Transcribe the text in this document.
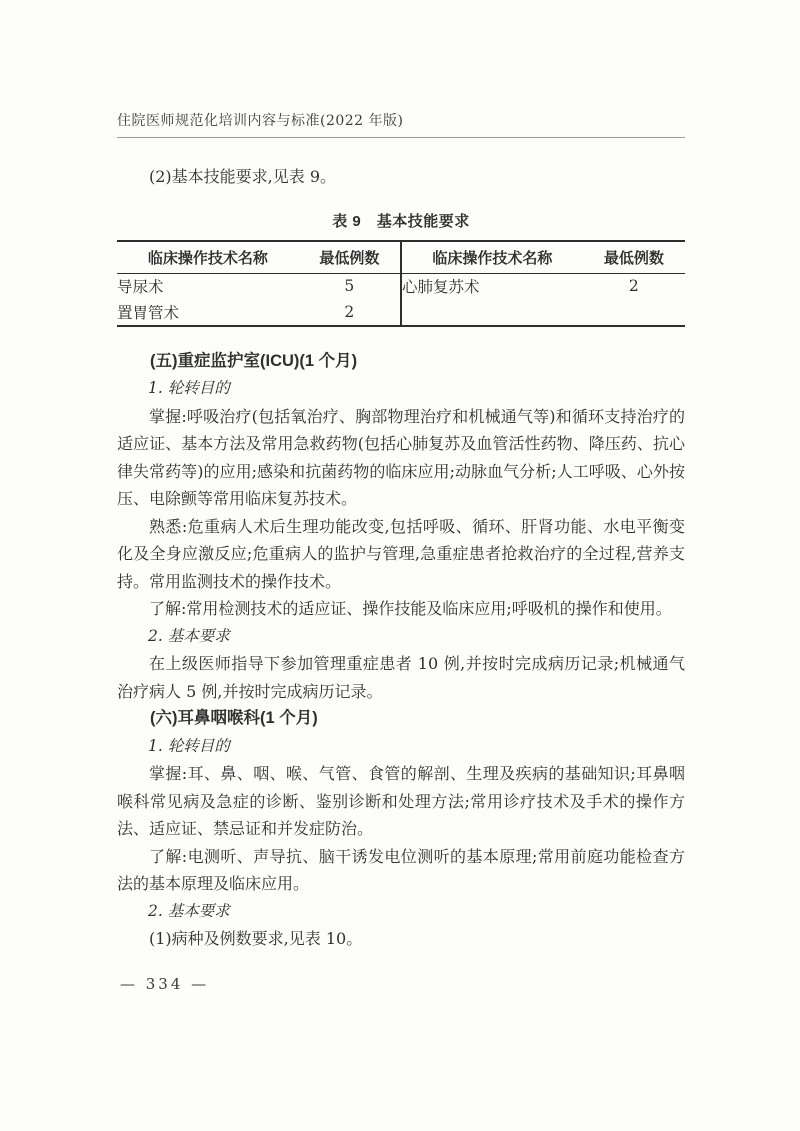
住院医师规范化培训内容与标准(2022 年版)

(2)基本技能要求,见表 9。

表 9　基本技能要求
临床操作技术名称	最低例数	临床操作技术名称	最低例数
导尿术	5	心肺复苏术	2
置胃管术	2		
(五)重症监护室(ICU)(1 个月)

1. 轮转目的

掌握:呼吸治疗(包括氧治疗、胸部物理治疗和机械通气等)和循环支持治疗的适应证、基本方法及常用急救药物(包括心肺复苏及血管活性药物、降压药、抗心律失常药等)的应用;感染和抗菌药物的临床应用;动脉血气分析;人工呼吸、心外按压、电除颤等常用临床复苏技术。

熟悉:危重病人术后生理功能改变,包括呼吸、循环、肝肾功能、水电平衡变化及全身应激反应;危重病人的监护与管理,急重症患者抢救治疗的全过程,营养支持。常用监测技术的操作技术。

了解:常用检测技术的适应证、操作技能及临床应用;呼吸机的操作和使用。

2. 基本要求

在上级医师指导下参加管理重症患者 10 例,并按时完成病历记录;机械通气治疗病人 5 例,并按时完成病历记录。

(六)耳鼻咽喉科(1 个月)

1. 轮转目的

掌握:耳、鼻、咽、喉、气管、食管的解剖、生理及疾病的基础知识;耳鼻咽喉科常见病及急症的诊断、鉴别诊断和处理方法;常用诊疗技术及手术的操作方法、适应证、禁忌证和并发症防治。

了解:电测听、声导抗、脑干诱发电位测听的基本原理;常用前庭功能检查方法的基本原理及临床应用。

2. 基本要求

(1)病种及例数要求,见表 10。

— 334 —
